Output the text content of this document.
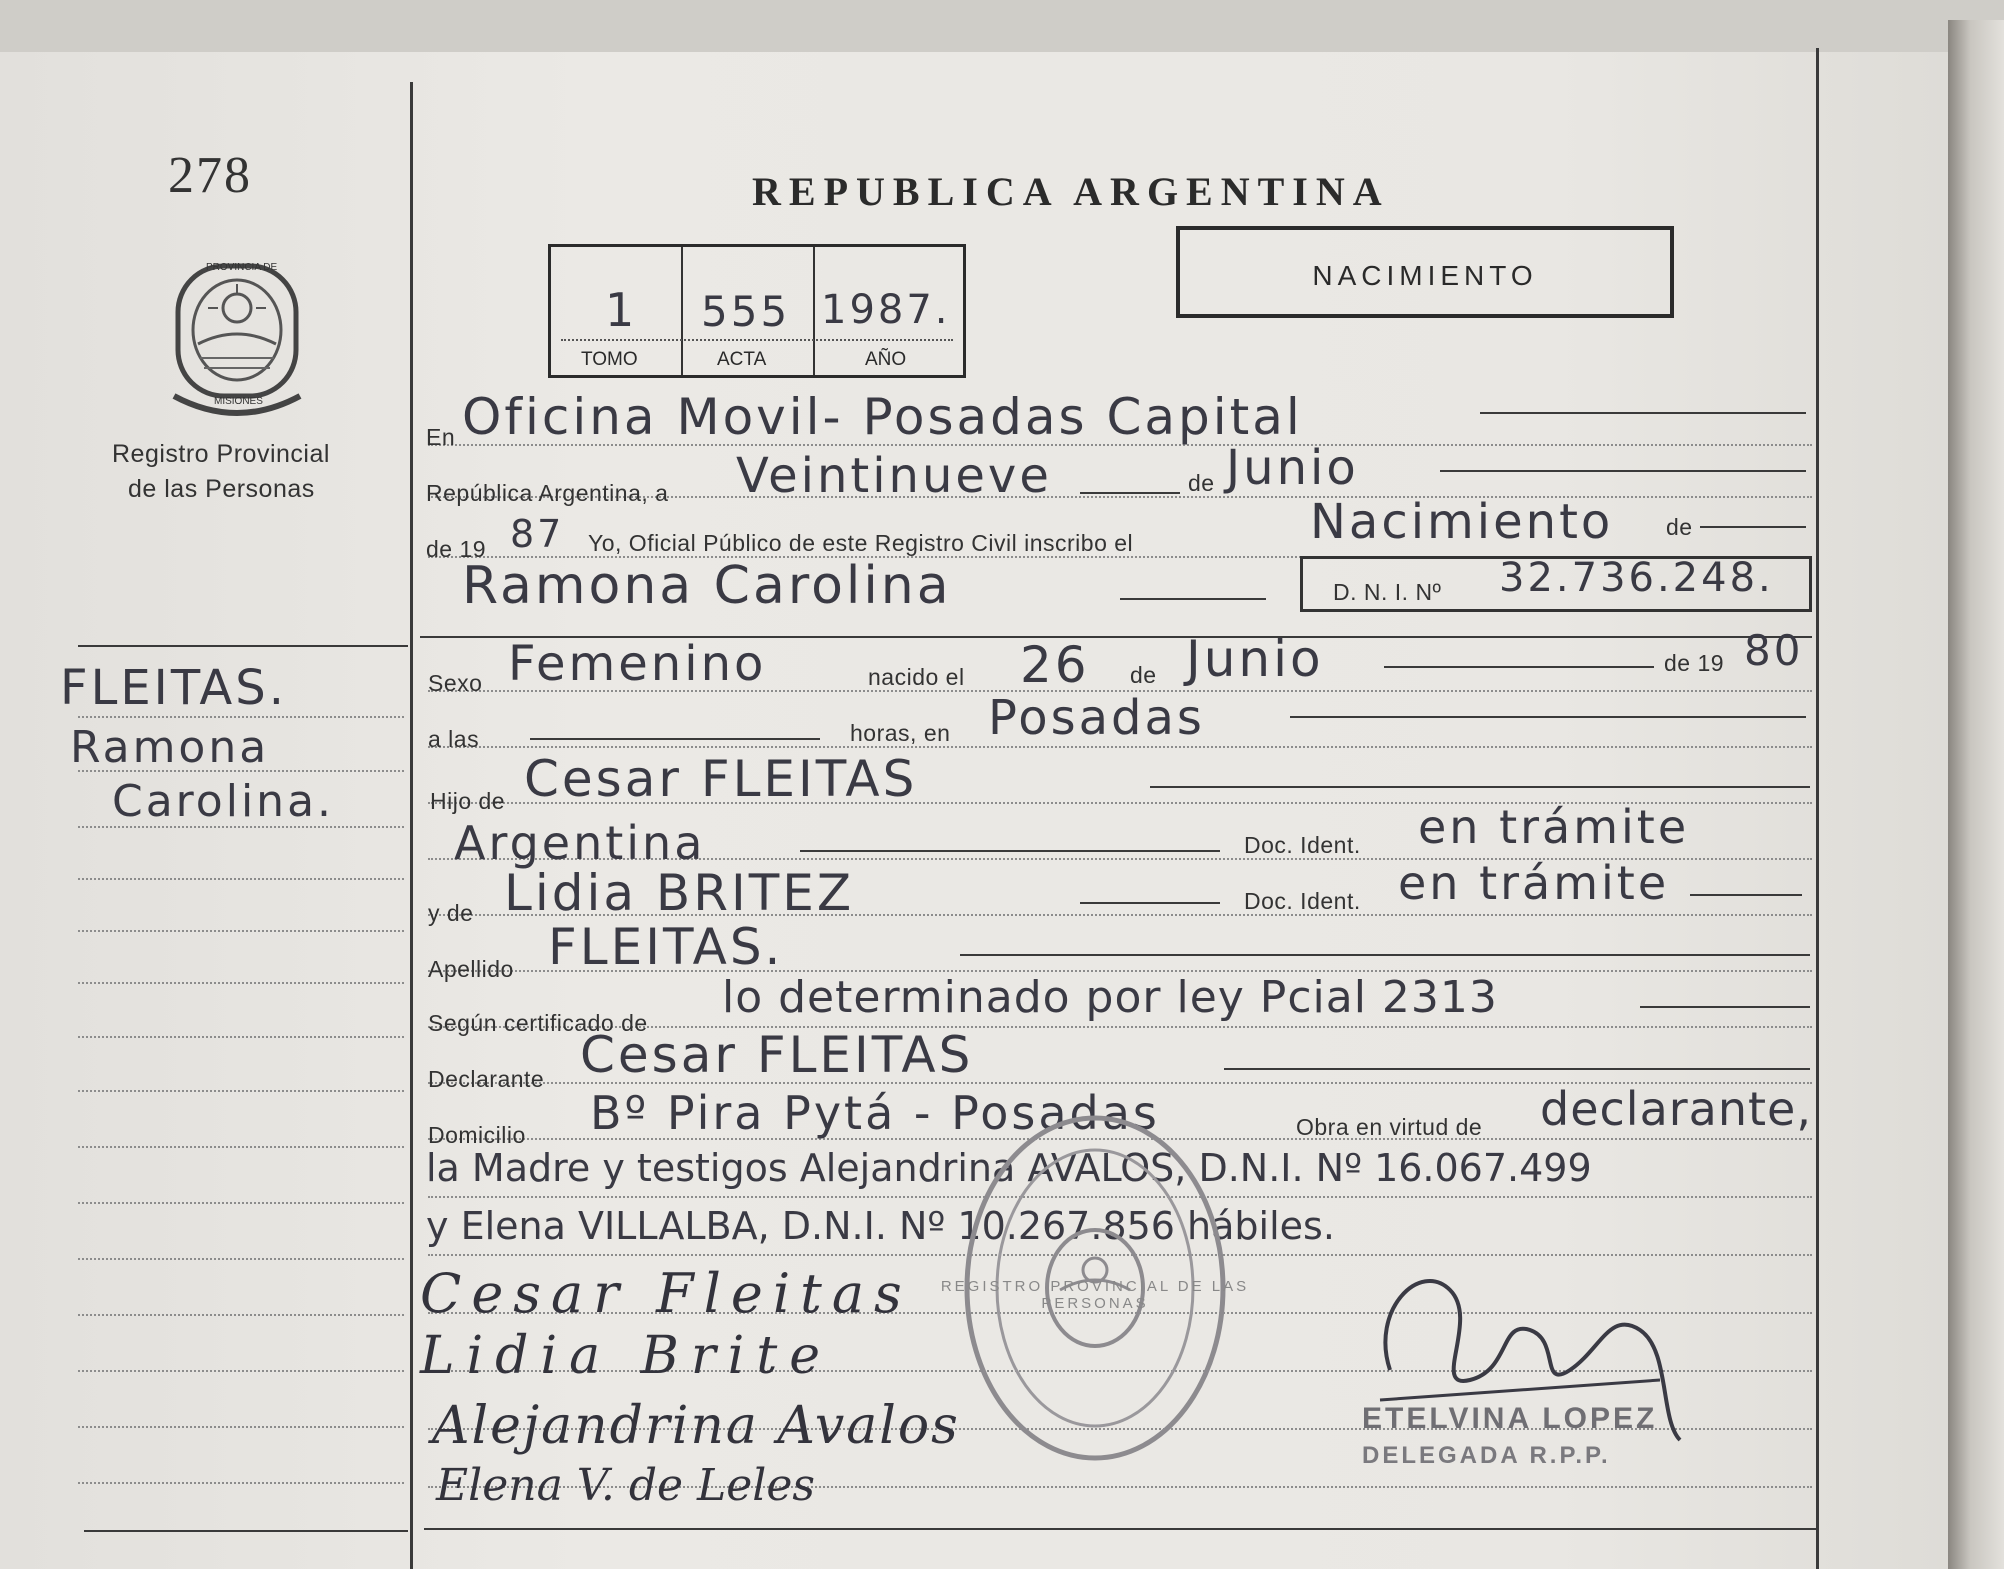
278
PROVINCIA DE
MISIONES
Registro Provincial
de las Personas
REPUBLICA ARGENTINA
NACIMIENTO
1
TOMO
555
ACTA
1987.
AÑO
FLEITAS.
Ramona
Carolina.
En Oficina Movil- Posadas Capital
República Argentina, a Veintinueve	de Junio
de 19 87 Yo, Oficial Público de este Registro Civil inscribo el	Nacimiento de
Ramona Carolina	D. N. I. Nº 32.736.248.
Sexo Femenino	nacido el 26 de Junio	de 19 80
a las	horas, en Posadas
Hijo de Cesar FLEITAS
Argentina	Doc. Ident. en trámite
y de Lidia BRITEZ	Doc. Ident. en trámite
Apellido FLEITAS.
Según certificado de lo determinado por ley Pcial 2313
Declarante Cesar FLEITAS
Domicilio Bº Pira Pytá - Posadas	Obra en virtud de declarante,
la Madre y testigos Alejandrina AVALOS, D.N.I. Nº 16.067.499
y Elena VILLALBA, D.N.I. Nº 10.267.856 hábiles.
REGISTRO PROVINCIAL DE LAS PERSONAS
Cesar Fleitas
Lidia Brite
Alejandrina Avalos
Elena V. de Leles
ETELVINA LOPEZ
DELEGADA R.P.P.
